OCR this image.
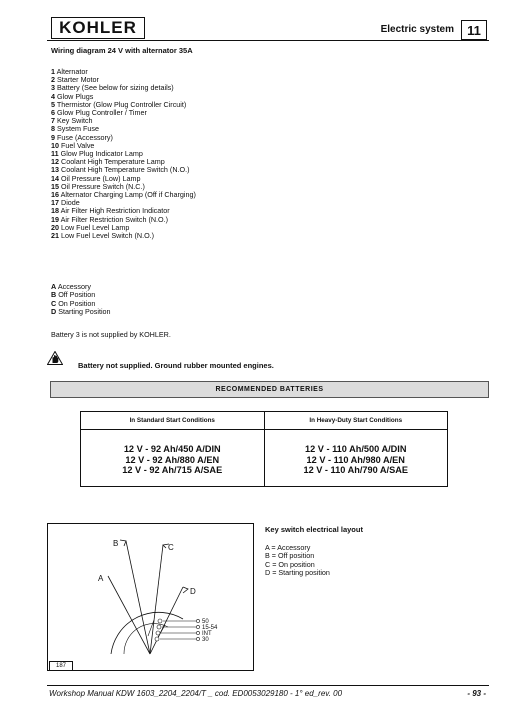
KOHLER	Electric system	11
Wiring diagram 24 V with alternator 35A
1 Alternator
2 Starter Motor
3 Battery (See below for sizing details)
4 Glow Plugs
5 Thermistor (Glow Plug Controller Circuit)
6 Glow Plug Controller / Timer
7 Key Switch
8 System Fuse
9 Fuse (Accessory)
10 Fuel Valve
11 Glow Plug Indicator Lamp
12 Coolant High Temperature Lamp
13 Coolant High Temperature Switch (N.O.)
14 Oil Pressure (Low) Lamp
15 Oil Pressure Switch (N.C.)
16 Alternator Charging Lamp (Off if Charging)
17 Diode
18 Air Filter High Restriction Indicator
19 Air Filter Restriction Switch (N.O.)
20 Low Fuel Level Lamp
21 Low Fuel Level Switch (N.O.)
A Accessory
B Off Position
C On Position
D Starting Position
Battery 3 is not supplied by KOHLER.
Battery not supplied. Ground rubber mounted engines.
RECOMMENDED BATTERIES
In Standard Start Conditions
12 V - 92 Ah/450 A/DIN
12 V - 92 Ah/880 A/EN
12 V - 92 Ah/715 A/SAE
In Heavy-Duty Start Conditions
12 V - 110 Ah/500 A/DIN
12 V - 110 Ah/980 A/EN
12 V - 110 Ah/790 A/SAE
B	C
A
D
50
15-54
INT
30
187
Key switch electrical layout
A = Accessory
B = Off position
C = On position
D = Starting position
Workshop Manual KDW 1603_2204_2204/T _ cod. ED0053029180 - 1° ed_rev. 00	- 93 -
